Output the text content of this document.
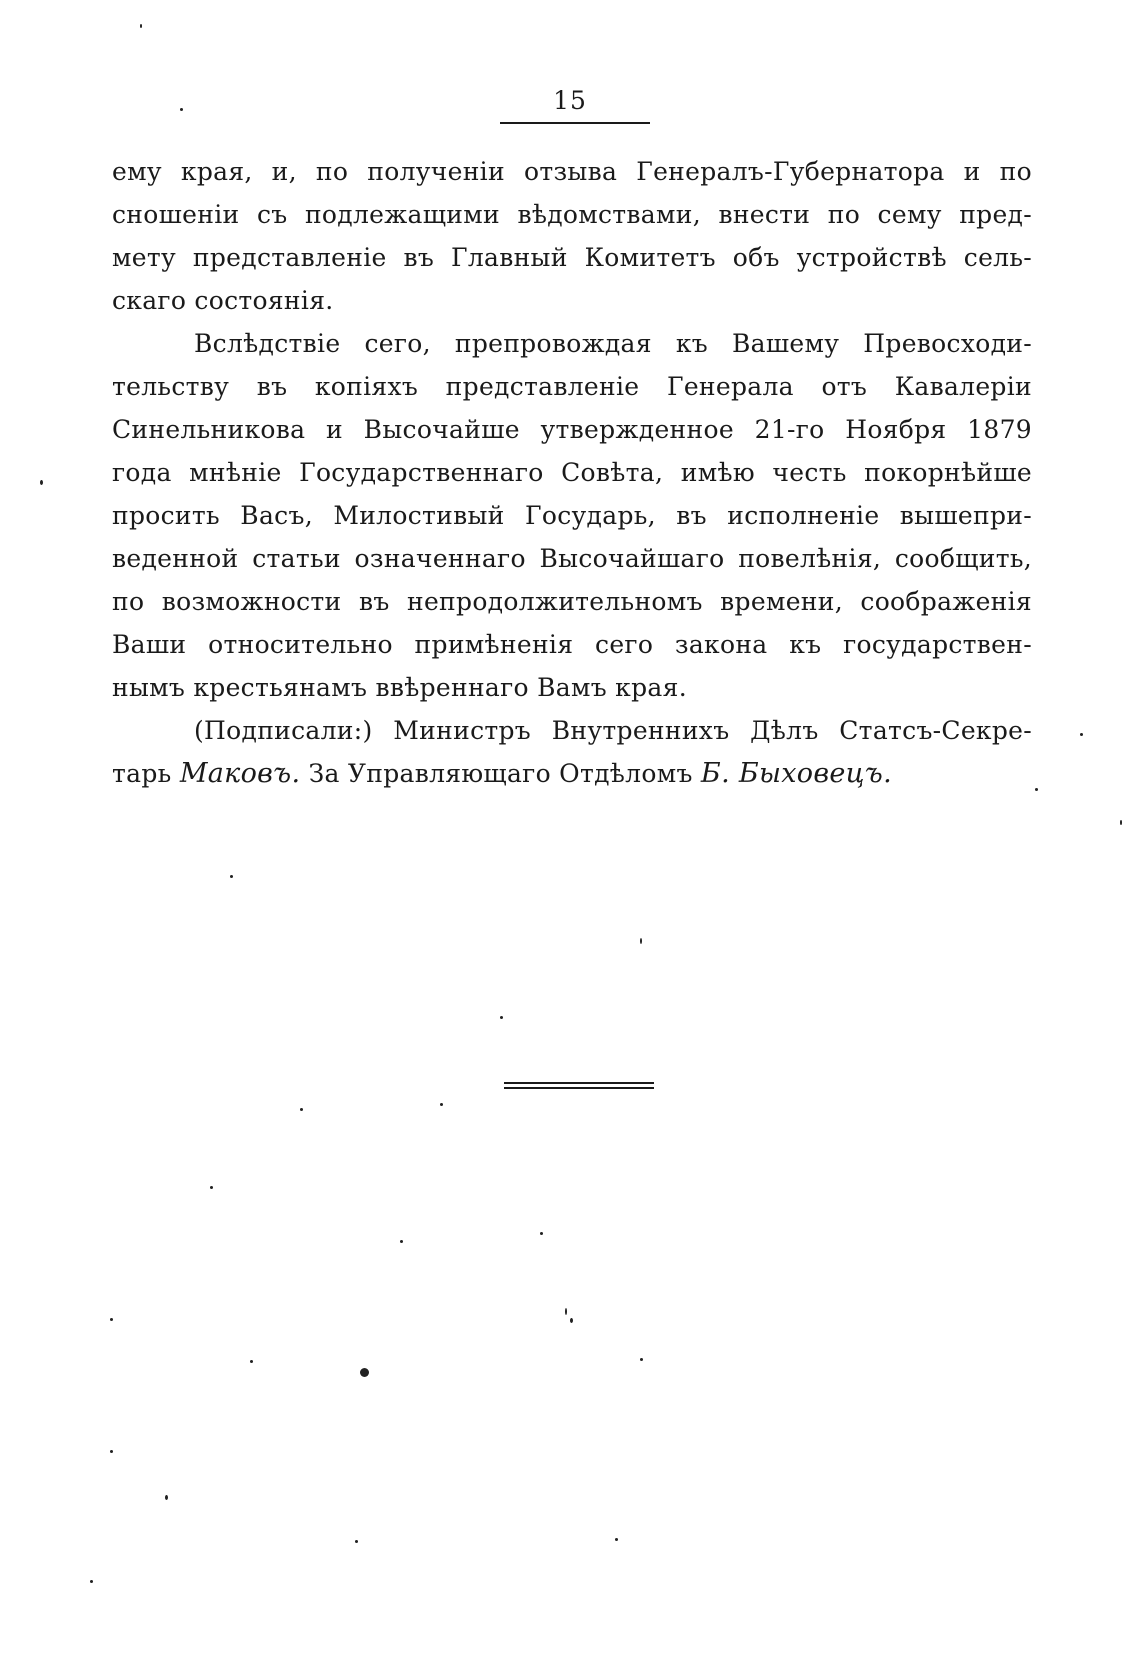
15
ему края, и, по полученіи отзыва Генералъ-Губернатора и по
сношеніи съ подлежащими вѣдомствами, внести по сему пред-
мету представленіе въ Главный Комитетъ объ устройствѣ сель-
скаго состоянія.
Вслѣдствіе сего, препровождая къ Вашему Превосходи-
тельству въ копіяхъ представленіе Генерала отъ Кавалеріи
Синельникова и Высочайше утвержденное 21-го Ноября 1879
года мнѣніе Государственнаго Совѣта, имѣю честь покорнѣйше
просить Васъ, Милостивый Государь, въ исполненіе вышепри-
веденной статьи означеннаго Высочайшаго повелѣнія, сообщить,
по возможности въ непродолжительномъ времени, соображенія
Ваши относительно примѣненія сего закона къ государствен-
нымъ крестьянамъ ввѣреннаго Вамъ края.
(Подписали:) Министръ Внутреннихъ Дѣлъ Статсъ-Секре-
тарь Маковъ. За Управляющаго Отдѣломъ Б. Быховецъ.
